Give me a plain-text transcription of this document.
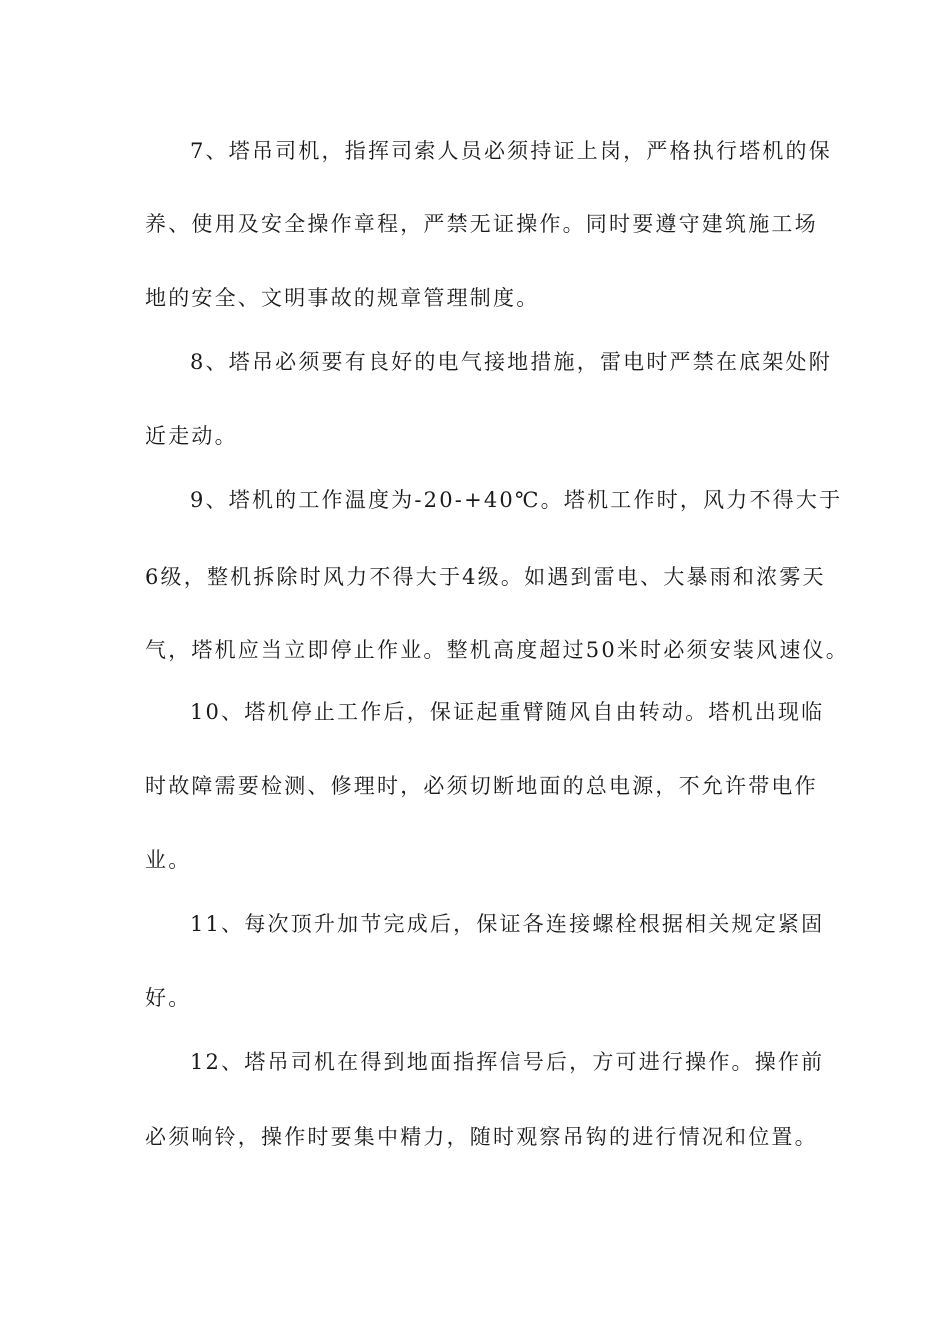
7、塔吊司机，指挥司索人员必须持证上岗，严格执行塔机的保
养、使用及安全操作章程，严禁无证操作。同时要遵守建筑施工场
地的安全、文明事故的规章管理制度。
8、塔吊必须要有良好的电气接地措施，雷电时严禁在底架处附
近走动。
9、塔机的工作温度为-20-+40℃。塔机工作时，风力不得大于
6级，整机拆除时风力不得大于4级。如遇到雷电、大暴雨和浓雾天
气，塔机应当立即停止作业。整机高度超过50米时必须安装风速仪。
10、塔机停止工作后，保证起重臂随风自由转动。塔机出现临
时故障需要检测、修理时，必须切断地面的总电源，不允许带电作
业。
11、每次顶升加节完成后，保证各连接螺栓根据相关规定紧固
好。
12、塔吊司机在得到地面指挥信号后，方可进行操作。操作前
必须响铃，操作时要集中精力，随时观察吊钩的进行情况和位置。
